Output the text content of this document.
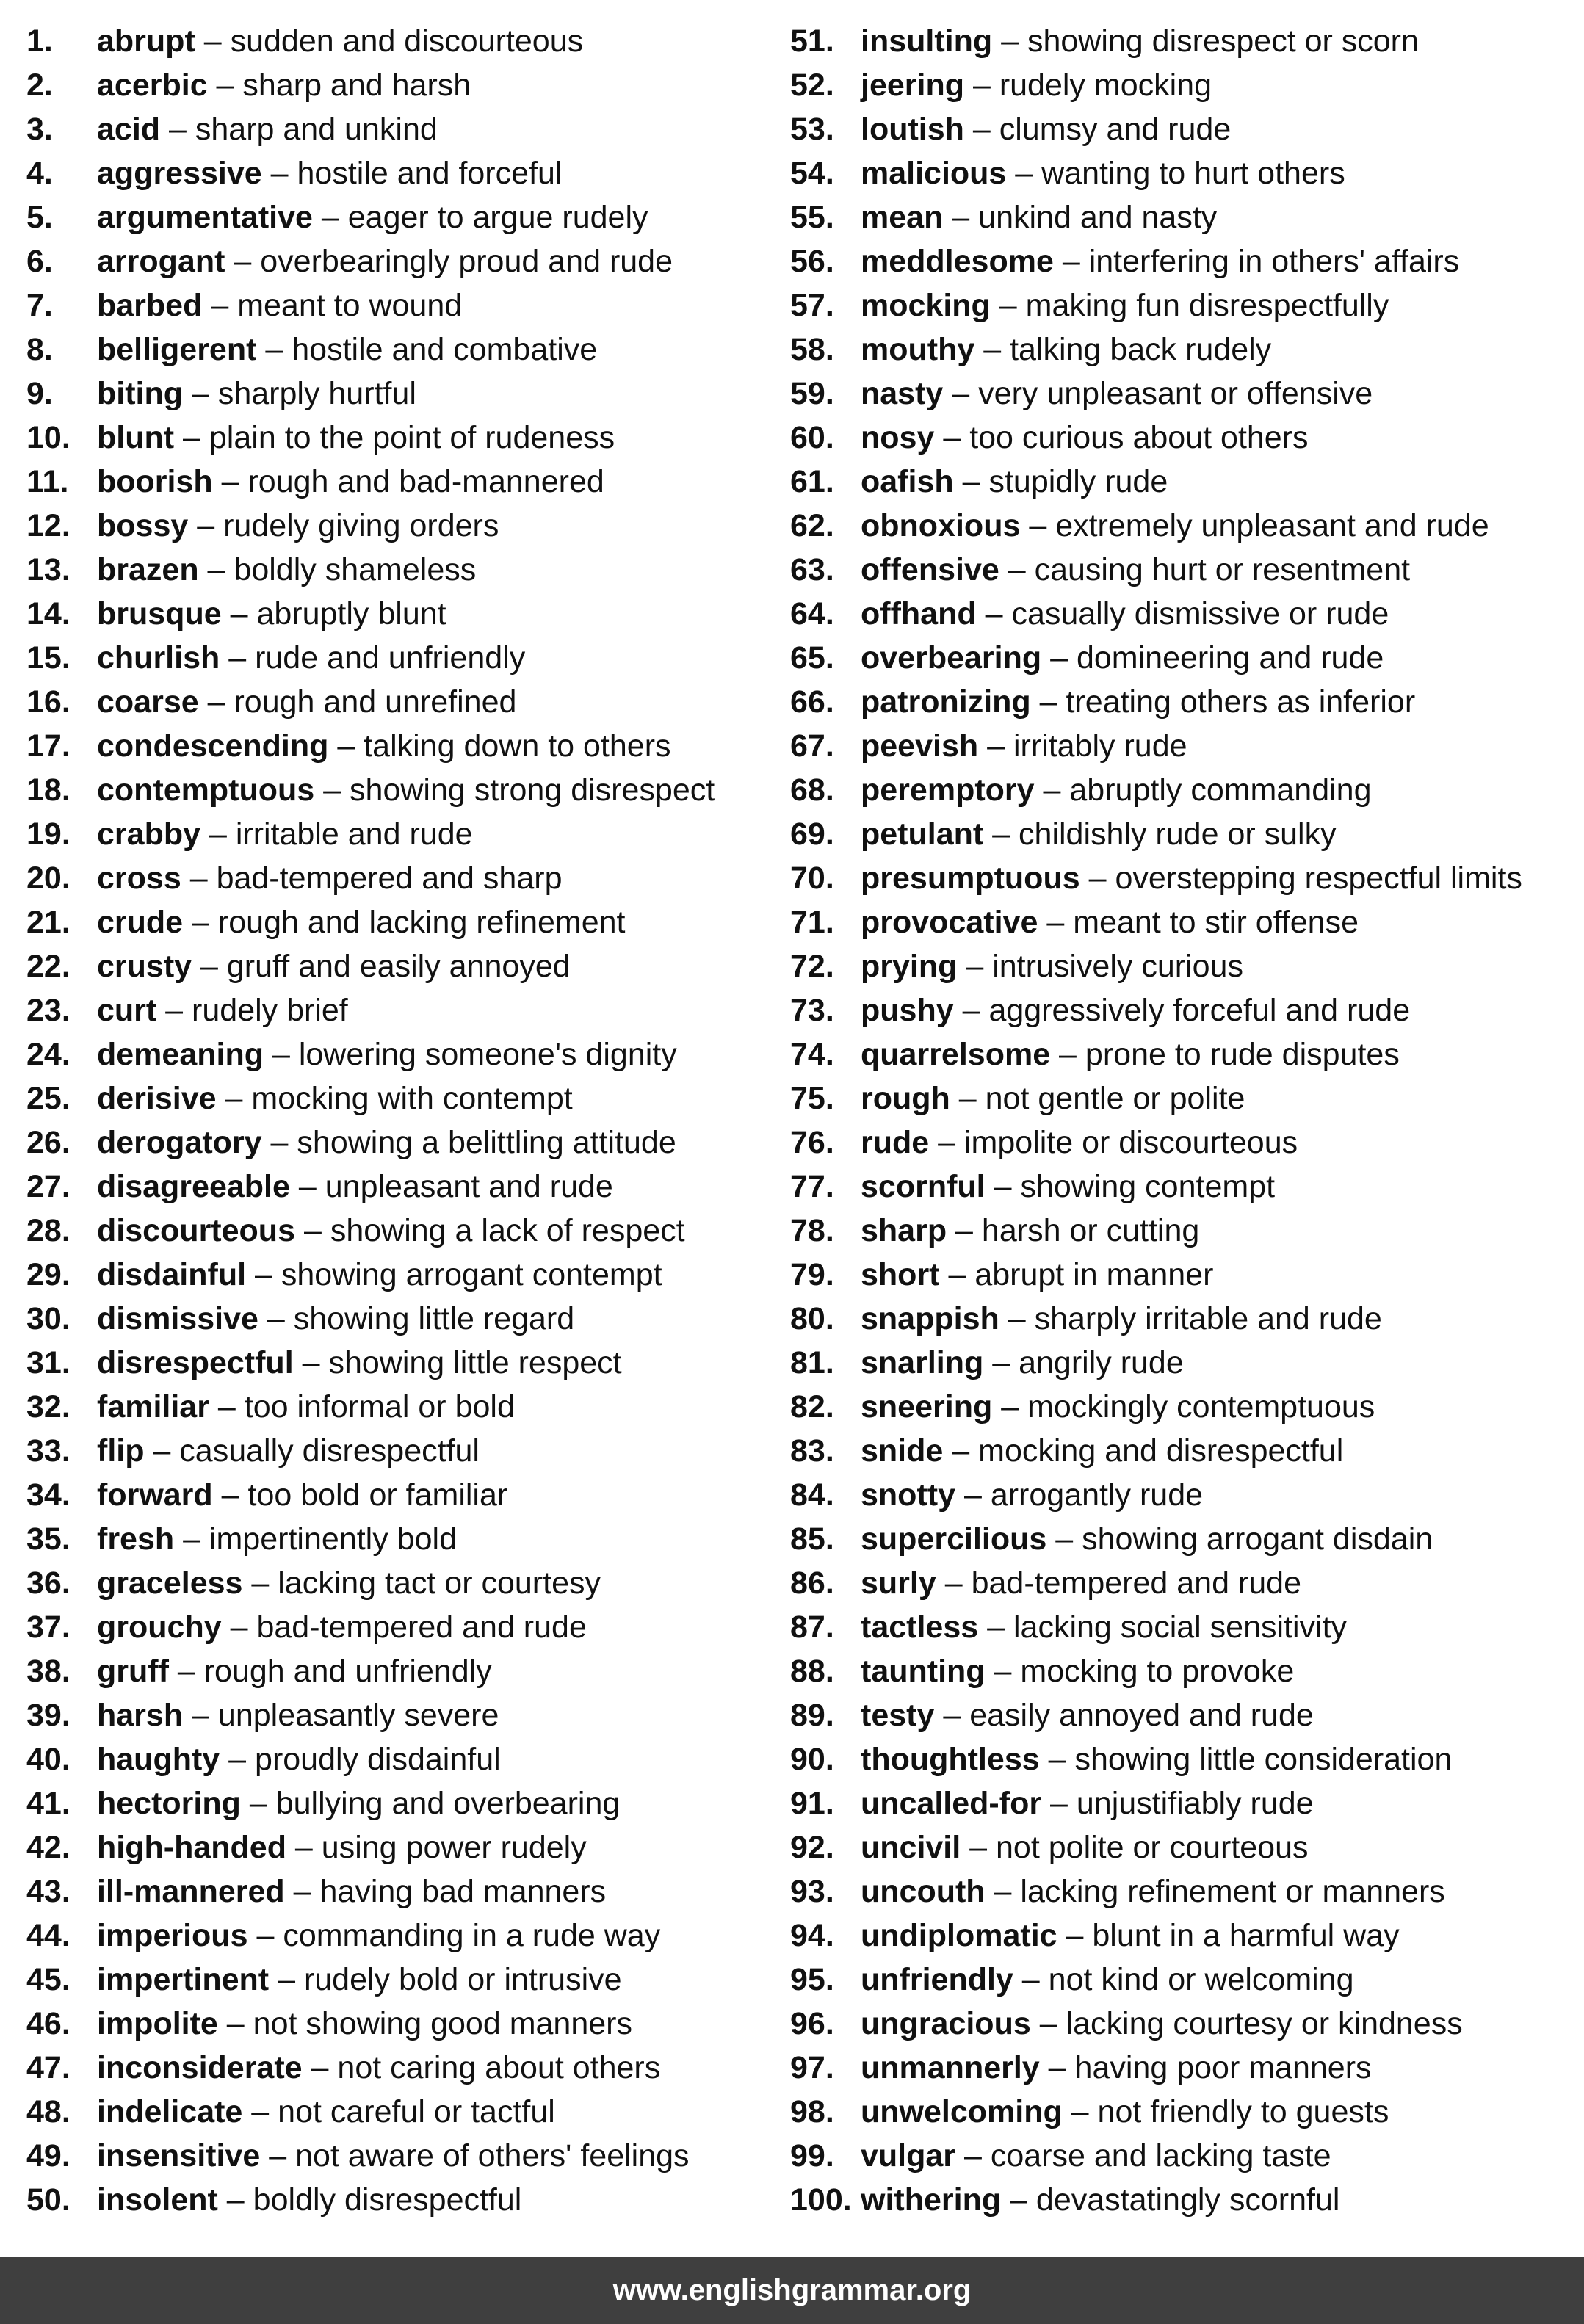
1.	abrupt – sudden and discourteous
2.	acerbic – sharp and harsh
3.	acid – sharp and unkind
4.	aggressive – hostile and forceful
5.	argumentative – eager to argue rudely
6.	arrogant – overbearingly proud and rude
7.	barbed – meant to wound
8.	belligerent – hostile and combative
9.	biting – sharply hurtful
10. blunt – plain to the point of rudeness
11. boorish – rough and bad-mannered
12. bossy – rudely giving orders
13. brazen – boldly shameless
14. brusque – abruptly blunt
15. churlish – rude and unfriendly
16. coarse – rough and unrefined
17. condescending – talking down to others
18. contemptuous – showing strong disrespect
19. crabby – irritable and rude
20. cross – bad-tempered and sharp
21. crude – rough and lacking refinement
22. crusty – gruff and easily annoyed
23. curt – rudely brief
24. demeaning – lowering someone's dignity
25. derisive – mocking with contempt
26. derogatory – showing a belittling attitude
27. disagreeable – unpleasant and rude
28. discourteous – showing a lack of respect
29. disdainful – showing arrogant contempt
30. dismissive – showing little regard
31. disrespectful – showing little respect
32. familiar – too informal or bold
33. flip – casually disrespectful
34. forward – too bold or familiar
35. fresh – impertinently bold
36. graceless – lacking tact or courtesy
37. grouchy – bad-tempered and rude
38. gruff – rough and unfriendly
39. harsh – unpleasantly severe
40. haughty – proudly disdainful
41. hectoring – bullying and overbearing
42. high-handed – using power rudely
43. ill-mannered – having bad manners
44. imperious – commanding in a rude way
45. impertinent – rudely bold or intrusive
46. impolite – not showing good manners
47. inconsiderate – not caring about others
48. indelicate – not careful or tactful
49. insensitive – not aware of others' feelings
50. insolent – boldly disrespectful
51. insulting – showing disrespect or scorn
52. jeering – rudely mocking
53. loutish – clumsy and rude
54. malicious – wanting to hurt others
55. mean – unkind and nasty
56. meddlesome – interfering in others' affairs
57. mocking – making fun disrespectfully
58. mouthy – talking back rudely
59. nasty – very unpleasant or offensive
60. nosy – too curious about others
61. oafish – stupidly rude
62. obnoxious – extremely unpleasant and rude
63. offensive – causing hurt or resentment
64. offhand – casually dismissive or rude
65. overbearing – domineering and rude
66. patronizing – treating others as inferior
67. peevish – irritably rude
68. peremptory – abruptly commanding
69. petulant – childishly rude or sulky
70. presumptuous – overstepping respectful limits
71. provocative – meant to stir offense
72. prying – intrusively curious
73. pushy – aggressively forceful and rude
74. quarrelsome – prone to rude disputes
75. rough – not gentle or polite
76. rude – impolite or discourteous
77. scornful – showing contempt
78. sharp – harsh or cutting
79. short – abrupt in manner
80. snappish – sharply irritable and rude
81. snarling – angrily rude
82. sneering – mockingly contemptuous
83. snide – mocking and disrespectful
84. snotty – arrogantly rude
85. supercilious – showing arrogant disdain
86. surly – bad-tempered and rude
87. tactless – lacking social sensitivity
88. taunting – mocking to provoke
89. testy – easily annoyed and rude
90. thoughtless – showing little consideration
91. uncalled-for – unjustifiably rude
92. uncivil – not polite or courteous
93. uncouth – lacking refinement or manners
94. undiplomatic – blunt in a harmful way
95. unfriendly – not kind or welcoming
96. ungracious – lacking courtesy or kindness
97. unmannerly – having poor manners
98. unwelcoming – not friendly to guests
99. vulgar – coarse and lacking taste
100. withering – devastatingly scornful
www.englishgrammar.org
